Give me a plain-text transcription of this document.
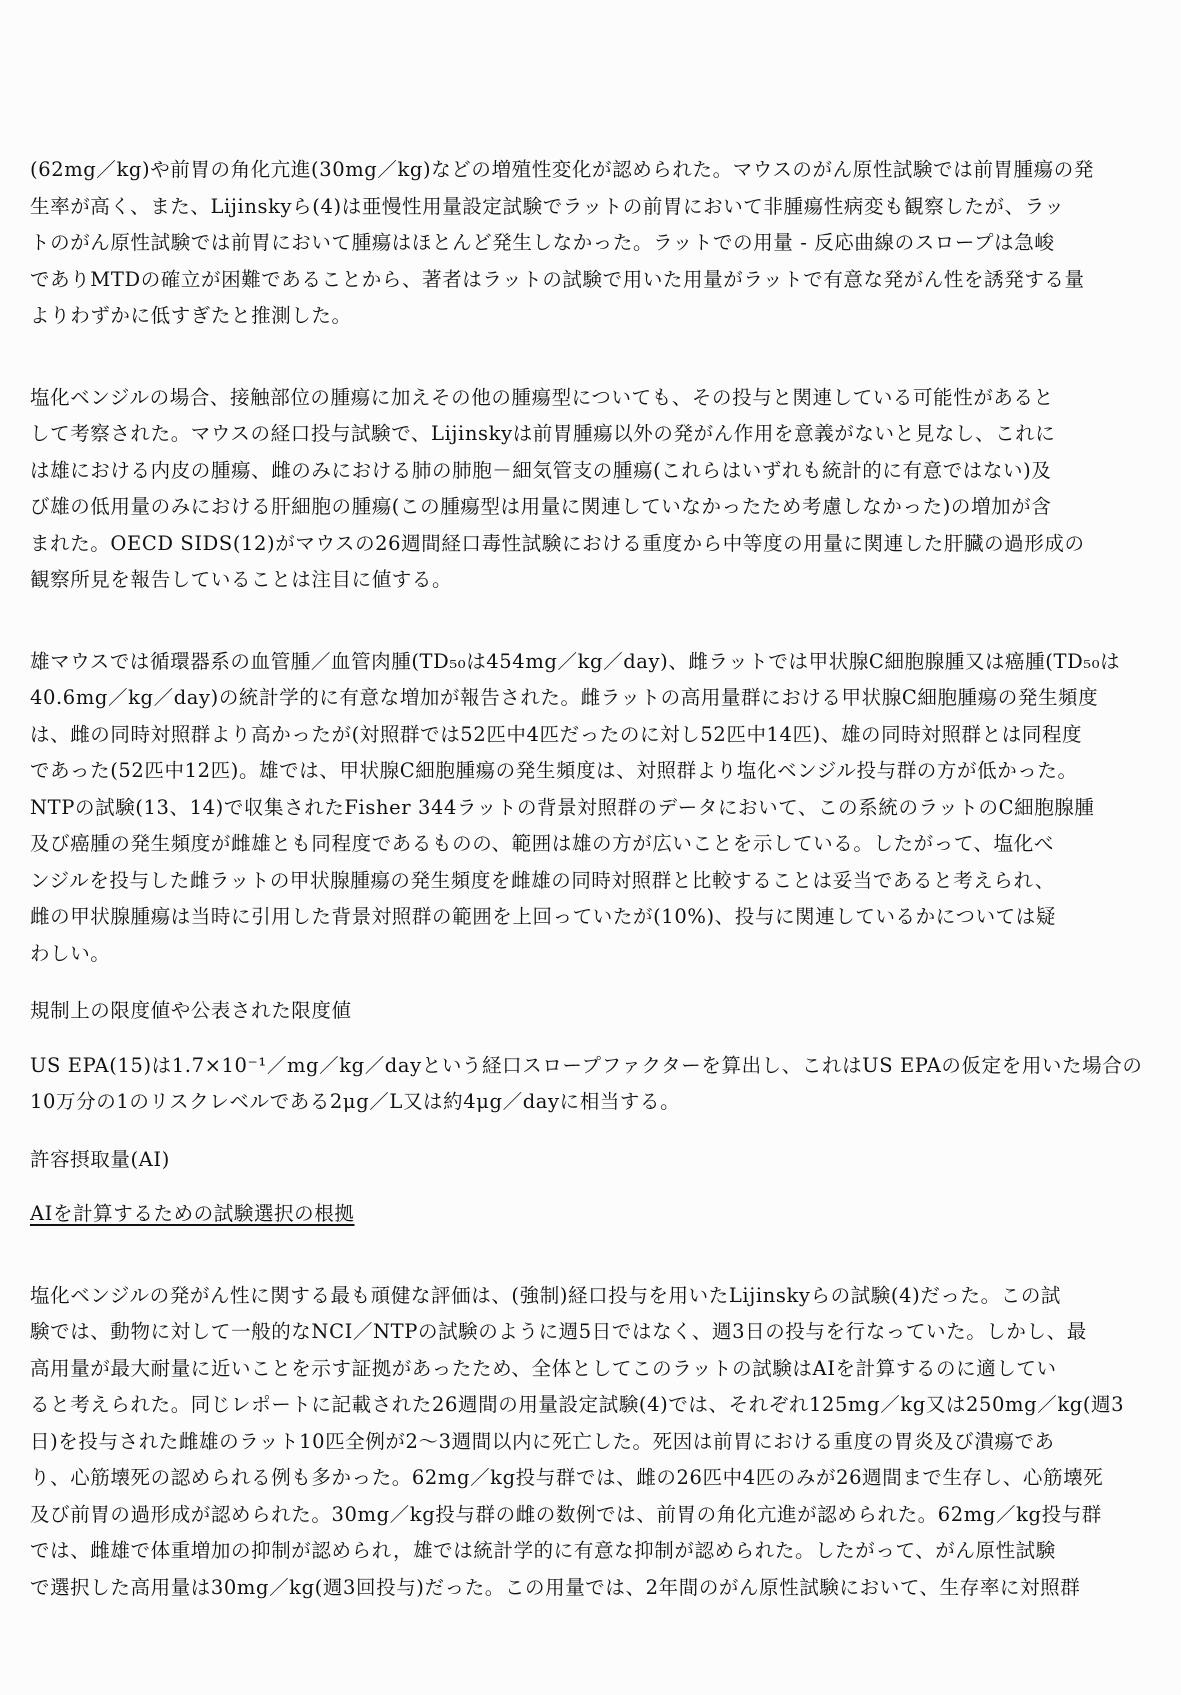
(62mg／kg)や前胃の角化亢進(30mg／kg)などの増殖性変化が認められた。マウスのがん原性試験では前胃腫瘍の発
生率が高く、また、Lijinskyら(4)は亜慢性用量設定試験でラットの前胃において非腫瘍性病変も観察したが、ラッ
トのがん原性試験では前胃において腫瘍はほとんど発生しなかった。ラットでの用量 - 反応曲線のスロープは急峻
でありMTDの確立が困難であることから、著者はラットの試験で用いた用量がラットで有意な発がん性を誘発する量
よりわずかに低すぎたと推測した。
塩化ベンジルの場合、接触部位の腫瘍に加えその他の腫瘍型についても、その投与と関連している可能性があると
して考察された。マウスの経口投与試験で、Lijinskyは前胃腫瘍以外の発がん作用を意義がないと見なし、これに
は雄における内皮の腫瘍、雌のみにおける肺の肺胞－細気管支の腫瘍(これらはいずれも統計的に有意ではない)及
び雄の低用量のみにおける肝細胞の腫瘍(この腫瘍型は用量に関連していなかったため考慮しなかった)の増加が含
まれた。OECD SIDS(12)がマウスの26週間経口毒性試験における重度から中等度の用量に関連した肝臓の過形成の
観察所見を報告していることは注目に値する。
雄マウスでは循環器系の血管腫／血管肉腫(TD₅₀は454mg／kg／day)、雌ラットでは甲状腺C細胞腺腫又は癌腫(TD₅₀は
40.6mg／kg／day)の統計学的に有意な増加が報告された。雌ラットの高用量群における甲状腺C細胞腫瘍の発生頻度
は、雌の同時対照群より高かったが(対照群では52匹中4匹だったのに対し52匹中14匹)、雄の同時対照群とは同程度
であった(52匹中12匹)。雄では、甲状腺C細胞腫瘍の発生頻度は、対照群より塩化ベンジル投与群の方が低かった。
NTPの試験(13、14)で収集されたFisher 344ラットの背景対照群のデータにおいて、この系統のラットのC細胞腺腫
及び癌腫の発生頻度が雌雄とも同程度であるものの、範囲は雄の方が広いことを示している。したがって、塩化べ
ンジルを投与した雌ラットの甲状腺腫瘍の発生頻度を雌雄の同時対照群と比較することは妥当であると考えられ、
雌の甲状腺腫瘍は当時に引用した背景対照群の範囲を上回っていたが(10%)、投与に関連しているかについては疑
わしい。
規制上の限度値や公表された限度値
US EPA(15)は1.7×10⁻¹／mg／kg／dayという経口スロープファクターを算出し、これはUS EPAの仮定を用いた場合の
10万分の1のリスクレベルである2μg／L又は約4μg／dayに相当する。
許容摂取量(AI)
AIを計算するための試験選択の根拠
塩化ベンジルの発がん性に関する最も頑健な評価は、(強制)経口投与を用いたLijinskyらの試験(4)だった。この試
験では、動物に対して一般的なNCI／NTPの試験のように週5日ではなく、週3日の投与を行なっていた。しかし、最
高用量が最大耐量に近いことを示す証拠があったため、全体としてこのラットの試験はAIを計算するのに適してい
ると考えられた。同じレポートに記載された26週間の用量設定試験(4)では、それぞれ125mg／kg又は250mg／kg(週3
日)を投与された雌雄のラット10匹全例が2～3週間以内に死亡した。死因は前胃における重度の胃炎及び潰瘍であ
り、心筋壊死の認められる例も多かった。62mg／kg投与群では、雌の26匹中4匹のみが26週間まで生存し、心筋壊死
及び前胃の過形成が認められた。30mg／kg投与群の雌の数例では、前胃の角化亢進が認められた。62mg／kg投与群
では、雌雄で体重増加の抑制が認められ，雄では統計学的に有意な抑制が認められた。したがって、がん原性試験
で選択した高用量は30mg／kg(週3回投与)だった。この用量では、2年間のがん原性試験において、生存率に対照群
